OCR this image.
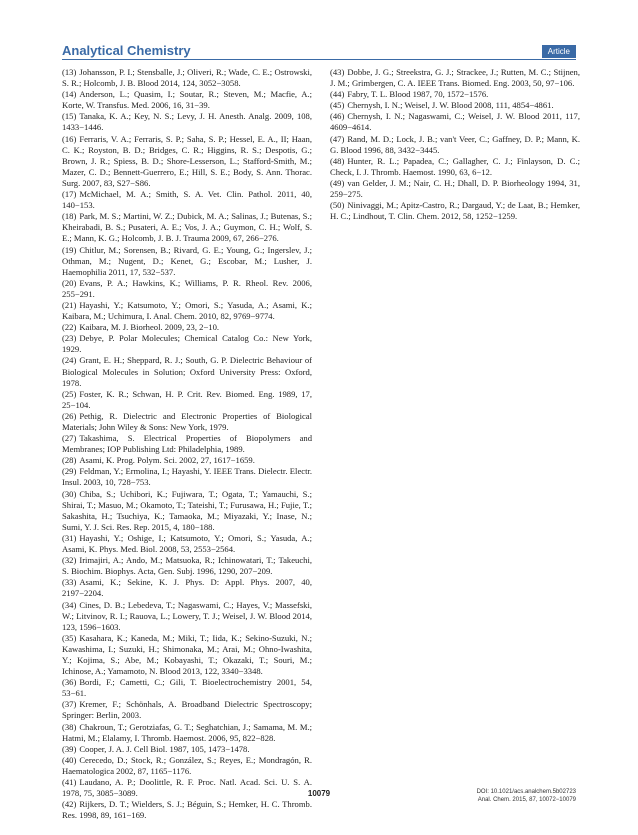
Analytical Chemistry	Article

(13) Johansson, P. I.; Stensballe, J.; Oliveri, R.; Wade, C. E.; Ostrowski, S. R.; Holcomb, J. B. Blood 2014, 124, 3052−3058.

(14) Anderson, L.; Quasim, I.; Soutar, R.; Steven, M.; Macfie, A.; Korte, W. Transfus. Med. 2006, 16, 31−39.

(15) Tanaka, K. A.; Key, N. S.; Levy, J. H. Anesth. Analg. 2009, 108, 1433−1446.

(16) Ferraris, V. A.; Ferraris, S. P.; Saha, S. P.; Hessel, E. A., II; Haan, C. K.; Royston, B. D.; Bridges, C. R.; Higgins, R. S.; Despotis, G.; Brown, J. R.; Spiess, B. D.; Shore-Lesserson, L.; Stafford-Smith, M.; Mazer, C. D.; Bennett-Guerrero, E.; Hill, S. E.; Body, S. Ann. Thorac. Surg. 2007, 83, S27−S86.

(17) McMichael, M. A.; Smith, S. A. Vet. Clin. Pathol. 2011, 40, 140−153.

(18) Park, M. S.; Martini, W. Z.; Dubick, M. A.; Salinas, J.; Butenas, S.; Kheirabadi, B. S.; Pusateri, A. E.; Vos, J. A.; Guymon, C. H.; Wolf, S. E.; Mann, K. G.; Holcomb, J. B. J. Trauma 2009, 67, 266−276.

(19) Chitlur, M.; Sorensen, B.; Rivard, G. E.; Young, G.; Ingerslev, J.; Othman, M.; Nugent, D.; Kenet, G.; Escobar, M.; Lusher, J. Haemophilia 2011, 17, 532−537.

(20) Evans, P. A.; Hawkins, K.; Williams, P. R. Rheol. Rev. 2006, 255−291.

(21) Hayashi, Y.; Katsumoto, Y.; Omori, S.; Yasuda, A.; Asami, K.; Kaibara, M.; Uchimura, I. Anal. Chem. 2010, 82, 9769−9774.

(22) Kaibara, M. J. Biorheol. 2009, 23, 2−10.

(23) Debye, P. Polar Molecules; Chemical Catalog Co.: New York, 1929.

(24) Grant, E. H.; Sheppard, R. J.; South, G. P. Dielectric Behaviour of Biological Molecules in Solution; Oxford University Press: Oxford, 1978.

(25) Foster, K. R.; Schwan, H. P. Crit. Rev. Biomed. Eng. 1989, 17, 25−104.

(26) Pethig, R. Dielectric and Electronic Properties of Biological Materials; John Wiley & Sons: New York, 1979.

(27) Takashima, S. Electrical Properties of Biopolymers and Membranes; IOP Publishing Ltd: Philadelphia, 1989.

(28) Asami, K. Prog. Polym. Sci. 2002, 27, 1617−1659.

(29) Feldman, Y.; Ermolina, I.; Hayashi, Y. IEEE Trans. Dielectr. Electr. Insul. 2003, 10, 728−753.

(30) Chiba, S.; Uchibori, K.; Fujiwara, T.; Ogata, T.; Yamauchi, S.; Shirai, T.; Masuo, M.; Okamoto, T.; Tateishi, T.; Furusawa, H.; Fujie, T.; Sakashita, H.; Tsuchiya, K.; Tamaoka, M.; Miyazaki, Y.; Inase, N.; Sumi, Y. J. Sci. Res. Rep. 2015, 4, 180−188.

(31) Hayashi, Y.; Oshige, I.; Katsumoto, Y.; Omori, S.; Yasuda, A.; Asami, K. Phys. Med. Biol. 2008, 53, 2553−2564.

(32) Irimajiri, A.; Ando, M.; Matsuoka, R.; Ichinowatari, T.; Takeuchi, S. Biochim. Biophys. Acta, Gen. Subj. 1996, 1290, 207−209.

(33) Asami, K.; Sekine, K. J. Phys. D: Appl. Phys. 2007, 40, 2197−2204.

(34) Cines, D. B.; Lebedeva, T.; Nagaswami, C.; Hayes, V.; Massefski, W.; Litvinov, R. I.; Rauova, L.; Lowery, T. J.; Weisel, J. W. Blood 2014, 123, 1596−1603.

(35) Kasahara, K.; Kaneda, M.; Miki, T.; Iida, K.; Sekino-Suzuki, N.; Kawashima, I.; Suzuki, H.; Shimonaka, M.; Arai, M.; Ohno-Iwashita, Y.; Kojima, S.; Abe, M.; Kobayashi, T.; Okazaki, T.; Souri, M.; Ichinose, A.; Yamamoto, N. Blood 2013, 122, 3340−3348.

(36) Bordi, F.; Cametti, C.; Gili, T. Bioelectrochemistry 2001, 54, 53−61.

(37) Kremer, F.; Schönhals, A. Broadband Dielectric Spectroscopy; Springer: Berlin, 2003.

(38) Chakroun, T.; Gerotziafas, G. T.; Seghatchian, J.; Samama, M. M.; Hatmi, M.; Elalamy, I. Thromb. Haemost. 2006, 95, 822−828.

(39) Cooper, J. A. J. Cell Biol. 1987, 105, 1473−1478.

(40) Cerecedo, D.; Stock, R.; González, S.; Reyes, E.; Mondragón, R. Haematologica 2002, 87, 1165−1176.

(41) Laudano, A. P.; Doolittle, R. F. Proc. Natl. Acad. Sci. U. S. A. 1978, 75, 3085−3089.

(42) Rijkers, D. T.; Wielders, S. J.; Béguin, S.; Hemker, H. C. Thromb. Res. 1998, 89, 161−169.

(43) Dobbe, J. G.; Streekstra, G. J.; Strackee, J.; Rutten, M. C.; Stijnen, J. M.; Grimbergen, C. A. IEEE Trans. Biomed. Eng. 2003, 50, 97−106.

(44) Fabry, T. L. Blood 1987, 70, 1572−1576.

(45) Chernysh, I. N.; Weisel, J. W. Blood 2008, 111, 4854−4861.

(46) Chernysh, I. N.; Nagaswami, C.; Weisel, J. W. Blood 2011, 117, 4609−4614.

(47) Rand, M. D.; Lock, J. B.; van't Veer, C.; Gaffney, D. P.; Mann, K. G. Blood 1996, 88, 3432−3445.

(48) Hunter, R. L.; Papadea, C.; Gallagher, C. J.; Finlayson, D. C.; Check, I. J. Thromb. Haemost. 1990, 63, 6−12.

(49) van Gelder, J. M.; Nair, C. H.; Dhall, D. P. Biorheology 1994, 31, 259−275.

(50) Ninivaggi, M.; Apitz-Castro, R.; Dargaud, Y.; de Laat, B.; Hemker, H. C.; Lindhout, T. Clin. Chem. 2012, 58, 1252−1259.

10079	DOI: 10.1021/acs.analchem.5b02723
Anal. Chem. 2015, 87, 10072−10079
